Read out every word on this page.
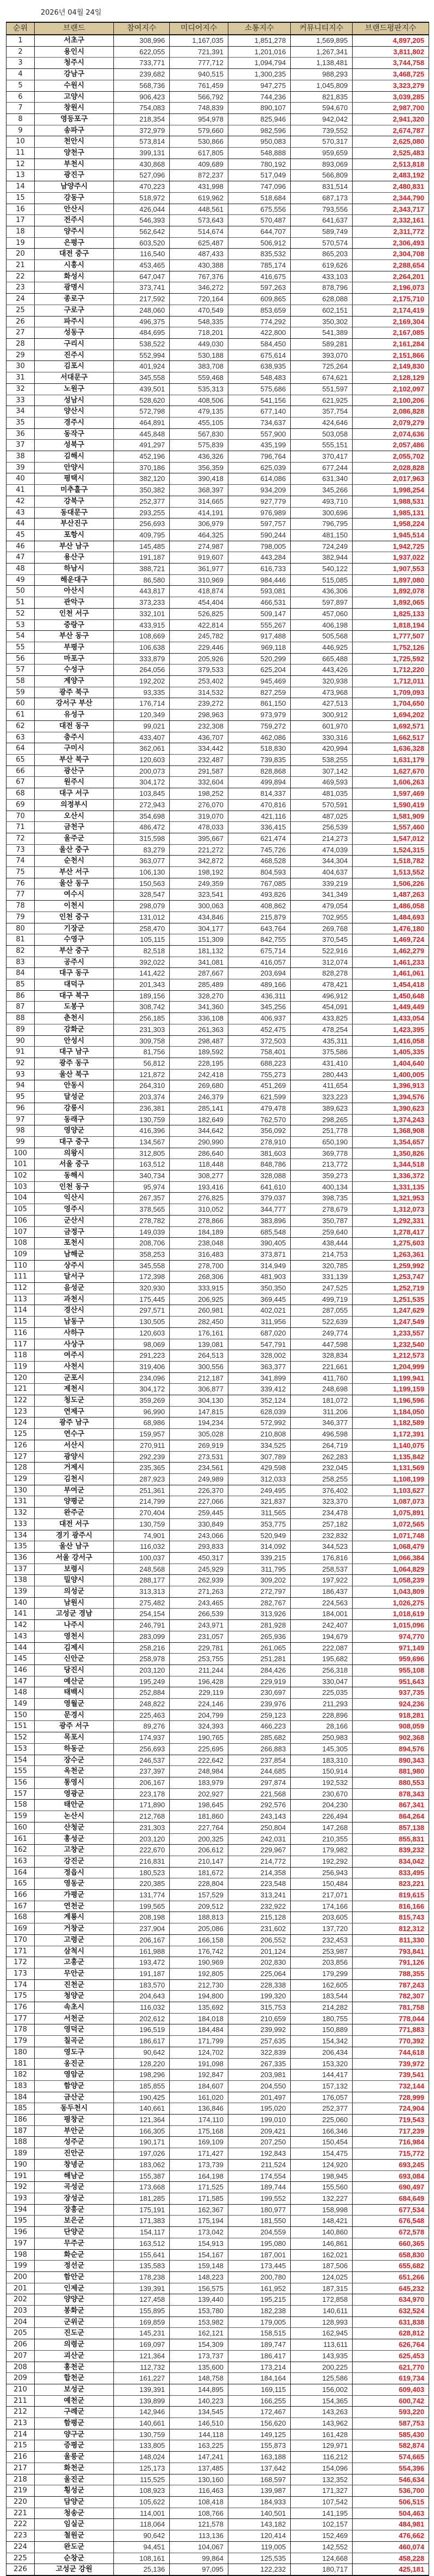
2026년 04월 24일
순위	브랜드	참여지수	미디어지수	소통지수	커뮤니티지수	브랜드평판지수
1	서초구	308,996	1,167,035	1,851,278	1,569,895	4,897,205
2	용인시	622,055	721,391	1,201,016	1,267,341	3,811,802
3	청주시	733,771	777,712	1,094,794	1,138,481	3,744,758
4	강남구	239,682	940,515	1,300,235	988,293	3,468,725
5	수원시	568,736	761,459	947,275	1,045,809	3,323,279
6	고양시	906,423	566,792	744,236	821,835	3,039,285
7	창원시	754,083	748,839	890,107	594,670	2,987,700
8	영등포구	218,354	954,978	825,946	942,042	2,941,320
9	송파구	372,979	579,660	982,596	739,552	2,674,787
10	천안시	573,814	530,866	950,083	570,317	2,625,080
11	양천구	399,131	617,805	548,888	959,659	2,525,483
12	부천시	430,868	409,689	780,192	893,069	2,513,818
13	광진구	527,096	872,237	517,049	566,809	2,483,192
14	남양주시	470,223	431,998	747,096	831,514	2,480,831
15	강동구	518,972	619,962	518,684	687,173	2,344,790
16	안산시	426,044	448,561	675,556	793,556	2,343,717
17	전주시	546,393	573,643	570,487	641,637	2,332,161
18	양주시	562,642	514,674	644,707	589,749	2,311,772
19	은평구	603,520	625,487	506,912	570,574	2,306,493
20	대전 중구	116,540	487,433	835,532	865,203	2,304,708
21	시흥시	453,465	430,388	785,174	619,626	2,288,654
22	화성시	647,047	767,376	416,675	433,103	2,264,201
23	광명시	373,741	346,272	597,263	878,796	2,196,073
24	종로구	217,592	720,164	609,865	628,088	2,175,710
25	구로구	248,060	470,549	853,659	602,151	2,174,419
26	파주시	496,375	548,335	774,292	350,302	2,169,304
27	성동구	484,695	718,201	422,800	541,389	2,167,085
28	구리시	538,522	449,030	584,450	589,281	2,161,284
29	진주시	552,994	530,188	675,614	393,070	2,151,866
30	김포시	401,924	383,708	638,935	725,264	2,149,830
31	서대문구	345,558	559,468	548,483	674,621	2,128,129
32	노원구	439,501	535,313	575,686	551,597	2,102,097
33	성남시	528,620	408,506	541,156	621,925	2,100,206
34	양산시	572,798	479,135	677,140	357,754	2,086,828
35	경주시	464,891	455,105	734,637	424,646	2,079,279
36	동작구	445,848	567,830	557,900	503,058	2,074,636
37	성북구	491,297	575,839	435,199	555,151	2,057,486
38	김해시	452,196	436,326	796,764	370,417	2,055,702
39	안양시	370,186	356,359	625,039	677,244	2,028,828
40	평택시	382,120	390,418	614,086	631,340	2,017,963
41	미추홀구	350,382	368,397	934,209	345,266	1,998,254
42	강북구	252,377	314,665	927,779	493,710	1,988,531
43	동대문구	293,255	414,191	976,989	300,696	1,985,131
44	부산진구	256,693	306,979	597,757	796,795	1,958,224
45	포항시	409,795	464,325	590,244	481,150	1,945,514
46	부산 남구	145,485	274,987	798,005	724,249	1,942,725
47	용산구	191,187	919,607	443,284	382,944	1,937,022
48	하남시	388,721	361,977	616,733	540,122	1,907,553
49	해운대구	86,580	310,969	984,446	515,085	1,897,080
50	아산시	443,817	418,874	593,081	436,306	1,892,078
51	관악구	373,233	454,404	466,531	597,897	1,892,065
52	인천 서구	332,101	526,825	509,147	457,060	1,825,133
53	중랑구	433,915	422,814	555,267	406,198	1,818,194
54	부산 동구	108,669	245,782	917,488	505,568	1,777,507
55	부평구	106,638	229,446	969,118	446,925	1,752,126
56	마포구	333,879	205,926	520,299	665,488	1,725,592
57	수성구	264,056	379,533	625,204	443,426	1,712,220
58	계양구	192,202	253,402	945,469	320,938	1,712,011
59	광주 북구	93,335	314,532	827,259	473,968	1,709,093
60	강서구 부산	176,714	239,272	861,150	427,513	1,704,650
61	유성구	120,349	298,963	973,979	300,912	1,694,202
62	대전 동구	99,021	232,308	759,272	601,970	1,692,571
63	충주시	433,407	436,707	462,086	330,316	1,662,517
64	구미시	362,061	334,442	518,830	420,994	1,636,328
65	부산 북구	120,603	232,487	739,835	538,255	1,631,179
66	광산구	200,073	291,587	828,868	307,142	1,627,670
67	원주시	304,172	332,604	499,894	469,593	1,606,263
68	대구 서구	103,845	198,252	814,337	481,035	1,597,469
69	의정부시	272,943	276,070	470,816	570,591	1,590,419
70	오산시	354,698	319,070	421,116	487,025	1,581,909
71	금천구	486,472	478,033	336,415	256,539	1,557,460
72	울주군	315,598	395,667	621,474	214,273	1,547,012
73	울산 중구	83,279	221,272	745,726	474,039	1,524,315
74	순천시	363,077	342,872	468,528	344,304	1,518,782
75	부산 서구	106,130	198,192	804,593	404,637	1,513,552
76	울산 동구	150,563	249,359	767,085	339,219	1,506,226
77	여수시	328,547	323,541	493,826	341,349	1,487,263
78	이천시	298,079	300,063	408,862	479,054	1,486,058
79	인천 중구	131,012	434,846	215,879	702,955	1,484,693
80	기장군	258,470	304,177	643,764	269,768	1,476,180
81	수영구	105,115	151,309	842,755	370,545	1,469,724
82	부산 중구	82,518	181,132	675,714	522,916	1,462,279
83	공주시	392,022	341,081	416,057	312,074	1,461,233
84	대구 동구	141,422	287,667	203,694	828,278	1,461,061
85	대덕구	201,343	285,489	489,166	478,421	1,454,418
86	대구 북구	189,156	328,270	436,311	496,912	1,450,648
87	도봉구	308,742	341,360	345,256	454,091	1,449,449
88	춘천시	256,185	336,108	406,937	433,825	1,433,054
89	강화군	231,303	261,363	452,475	478,254	1,423,395
90	안성시	309,758	298,487	372,503	435,311	1,416,058
91	대구 남구	81,756	189,592	758,401	375,586	1,405,335
92	광주 동구	56,812	228,195	688,223	431,410	1,404,640
93	울산 북구	121,872	242,418	755,273	280,443	1,400,005
94	안동시	264,310	269,680	451,269	411,654	1,396,913
95	달성군	203,374	246,379	621,599	323,223	1,394,576
96	강릉시	236,381	285,141	479,478	389,623	1,390,623
97	동래구	130,759	182,649	762,570	298,265	1,374,243
98	영양군	416,396	344,642	356,092	251,778	1,368,908
99	대구 중구	134,567	290,990	278,910	650,190	1,354,657
100	의왕시	312,805	286,640	381,603	369,778	1,350,826
101	서울 중구	163,512	118,448	848,786	213,772	1,344,518
102	동해시	340,734	308,277	328,088	359,273	1,336,372
103	인천 동구	95,974	193,416	641,610	400,134	1,331,135
104	익산시	267,357	276,825	379,037	398,735	1,321,953
105	영주시	378,565	310,052	344,777	278,679	1,312,073
106	군산시	278,782	278,866	383,896	350,787	1,292,331
107	금정구	149,039	184,189	685,548	259,640	1,278,417
108	포천시	208,706	238,048	390,405	438,444	1,275,603
109	남해군	358,253	316,483	373,871	214,753	1,263,361
110	상주시	345,558	278,700	314,949	320,785	1,259,992
111	달서구	172,398	268,306	481,903	331,139	1,253,747
112	음성군	320,930	333,915	350,350	247,525	1,252,719
113	과천시	175,445	206,925	369,445	499,719	1,251,535
114	경산시	297,571	260,981	402,021	287,055	1,247,629
115	남동구	130,505	282,450	311,956	522,639	1,247,549
116	사하구	120,603	176,161	687,020	249,774	1,233,557
117	사상구	98,069	139,081	547,791	447,598	1,232,540
118	여주시	291,223	264,513	328,002	328,834	1,212,573
119	사천시	319,406	300,556	363,377	221,661	1,204,999
120	군포시	234,096	212,187	341,899	411,760	1,199,941
121	제천시	304,172	306,877	339,412	248,698	1,199,159
122	청도군	359,269	304,130	352,124	181,072	1,196,596
123	연제구	96,990	147,815	628,039	311,206	1,184,050
124	광주 남구	68,986	194,234	572,992	346,377	1,182,589
125	연수구	159,957	305,028	210,808	496,598	1,172,391
126	서산시	270,911	269,919	334,525	264,719	1,140,075
127	광양시	292,239	273,531	307,789	262,283	1,135,842
128	거제시	235,365	234,561	429,598	232,045	1,131,569
129	김천시	287,923	249,989	312,033	258,255	1,108,199
130	부여군	251,361	226,370	249,495	376,402	1,103,627
131	양평군	214,799	227,066	321,837	323,370	1,087,073
132	완주군	270,404	259,445	311,565	234,478	1,075,891
133	대전 서구	130,759	330,849	353,775	257,182	1,072,565
134	경기 광주시	74,901	243,066	520,949	232,832	1,071,748
135	울산 남구	116,032	293,833	314,092	344,523	1,068,479
136	서울 강서구	100,037	450,317	339,215	176,816	1,066,384
137	보령시	248,568	245,929	311,795	258,537	1,064,829
138	밀양시	288,177	262,939	309,202	197,922	1,058,239
139	의성군	313,313	271,263	272,797	186,437	1,043,809
140	남원시	275,482	243,465	282,767	224,563	1,026,275
141	고성군 경남	254,154	266,539	313,926	184,001	1,018,619
142	나주시	246,791	243,971	281,928	242,407	1,015,096
143	영천시	283,099	231,057	265,936	194,679	974,770
144	김제시	258,216	229,781	261,065	222,087	971,149
145	신안군	258,978	253,755	251,281	195,682	959,696
146	당진시	203,120	211,244	284,426	256,318	955,108
147	예산군	195,249	196,428	229,919	330,047	951,643
148	태백시	252,884	229,119	230,697	225,035	937,735
149	영월군	248,822	224,146	239,976	211,293	924,236
150	문경시	225,463	204,799	259,123	228,896	918,281
151	광주 서구	89,276	324,393	466,223	28,166	908,059
152	목포시	174,937	190,765	285,682	250,983	902,368
153	하동군	256,693	225,695	266,883	145,305	894,576
154	장수군	246,537	222,642	237,854	183,310	890,343
155	옥천군	237,397	248,984	244,685	150,914	881,980
156	통영시	206,167	183,979	297,874	192,532	880,553
157	영광군	223,178	202,927	221,568	230,670	878,343
158	태안군	171,890	198,645	292,576	204,230	867,341
159	논산시	212,768	181,860	243,143	226,494	864,264
160	산청군	231,303	227,764	250,804	147,268	857,138
161	홍성군	203,120	200,325	242,031	210,355	855,831
162	고창군	222,670	206,612	229,967	179,982	839,232
163	강진군	216,831	210,147	214,772	192,292	834,042
164	정읍시	180,523	181,672	214,358	256,943	833,495
165	영동군	220,385	228,804	223,548	150,484	823,221
166	가평군	131,774	157,529	313,241	217,071	819,615
167	연천군	199,565	209,512	232,922	174,166	816,166
168	계룡시	208,198	188,813	215,128	203,605	815,743
169	거창군	237,904	205,086	231,602	137,720	812,312
170	고령군	206,167	166,158	206,552	232,453	811,330
171	삼척시	161,988	176,742	201,124	253,987	793,841
172	고흥군	193,472	190,969	202,830	203,856	791,126
173	무안군	191,187	192,805	225,064	179,299	788,355
174	진천군	183,570	212,730	228,338	162,605	787,243
175	청양군	204,643	194,800	199,320	183,544	782,307
176	속초시	116,032	135,692	315,753	214,282	781,758
177	서천군	202,612	184,018	210,659	180,755	778,044
178	영덕군	196,519	184,484	239,992	150,889	771,883
179	칠곡군	186,617	171,799	257,635	154,342	770,392
180	영도구	90,642	124,702	322,839	206,434	744,618
181	옹진군	128,220	191,098	267,335	153,320	739,972
182	영암군	198,296	192,847	203,981	144,417	739,541
183	함양군	185,855	184,607	204,550	157,132	732,144
184	금산군	190,425	161,020	201,497	176,057	728,999
185	동두천시	140,661	136,846	195,020	252,377	724,904
186	평창군	121,364	174,110	199,010	225,060	719,543
187	부안군	166,305	175,168	209,421	166,346	717,239
188	성주군	190,171	169,109	207,250	150,454	716,984
189	진안군	197,026	171,427	192,843	154,475	715,772
190	창녕군	183,062	173,739	211,524	124,920	693,245
191	해남군	155,387	164,198	174,554	198,945	693,084
192	곡성군	173,668	171,525	189,744	155,560	690,497
193	장성군	181,285	171,585	199,552	132,227	684,649
194	장흥군	175,191	162,367	180,977	158,998	677,534
195	보은군	171,383	175,194	181,550	148,421	676,548
196	단양군	154,117	173,042	204,559	140,860	672,578
197	무주군	163,512	154,913	195,080	146,861	660,365
198	화순군	155,641	154,167	187,001	162,021	658,830
199	정선군	135,583	159,148	173,445	187,506	655,682
200	함안군	178,238	148,223	200,780	124,025	651,266
201	인제군	139,391	156,575	161,952	187,315	645,232
202	양양군	127,458	139,440	195,215	172,858	634,970
203	봉화군	155,895	153,780	182,238	140,611	632,524
204	군위군	169,859	153,982	179,005	128,993	631,838
205	진도군	145,231	162,121	158,515	162,945	628,812
206	의령군	169,097	154,309	189,747	113,611	626,764
207	괴산군	121,364	173,737	186,417	143,935	625,453
208	홍천군	112,732	135,600	173,214	200,225	621,770
209	합천군	161,227	148,758	184,164	125,586	619,734
210	보성군	139,391	144,895	169,115	156,002	609,403
211	예천군	139,899	140,223	166,255	154,365	600,742
212	구례군	142,946	134,545	172,467	143,263	593,220
213	함평군	140,661	146,510	156,620	143,962	587,753
214	양구군	130,759	144,118	149,125	161,428	585,430
215	증평군	133,805	163,225	155,873	129,971	582,874
216	울릉군	148,024	147,241	163,188	116,212	574,665
217	화천군	125,173	137,485	137,642	154,096	554,396
218	울진군	115,525	130,160	168,597	132,352	546,634
219	횡성군	108,923	116,463	139,987	171,327	536,700
220	담양군	105,622	108,418	184,933	107,542	506,515
221	청송군	114,001	108,766	140,501	141,195	504,463
222	임실군	118,064	121,578	143,182	102,157	484,981
223	철원군	90,642	113,136	120,414	152,469	476,662
224	완도군	94,451	104,067	119,005	142,552	460,074
225	순창군	108,161	99,864	125,535	124,668	458,228
226	고성군 강원	25,136	97,095	122,232	180,717	425,181
